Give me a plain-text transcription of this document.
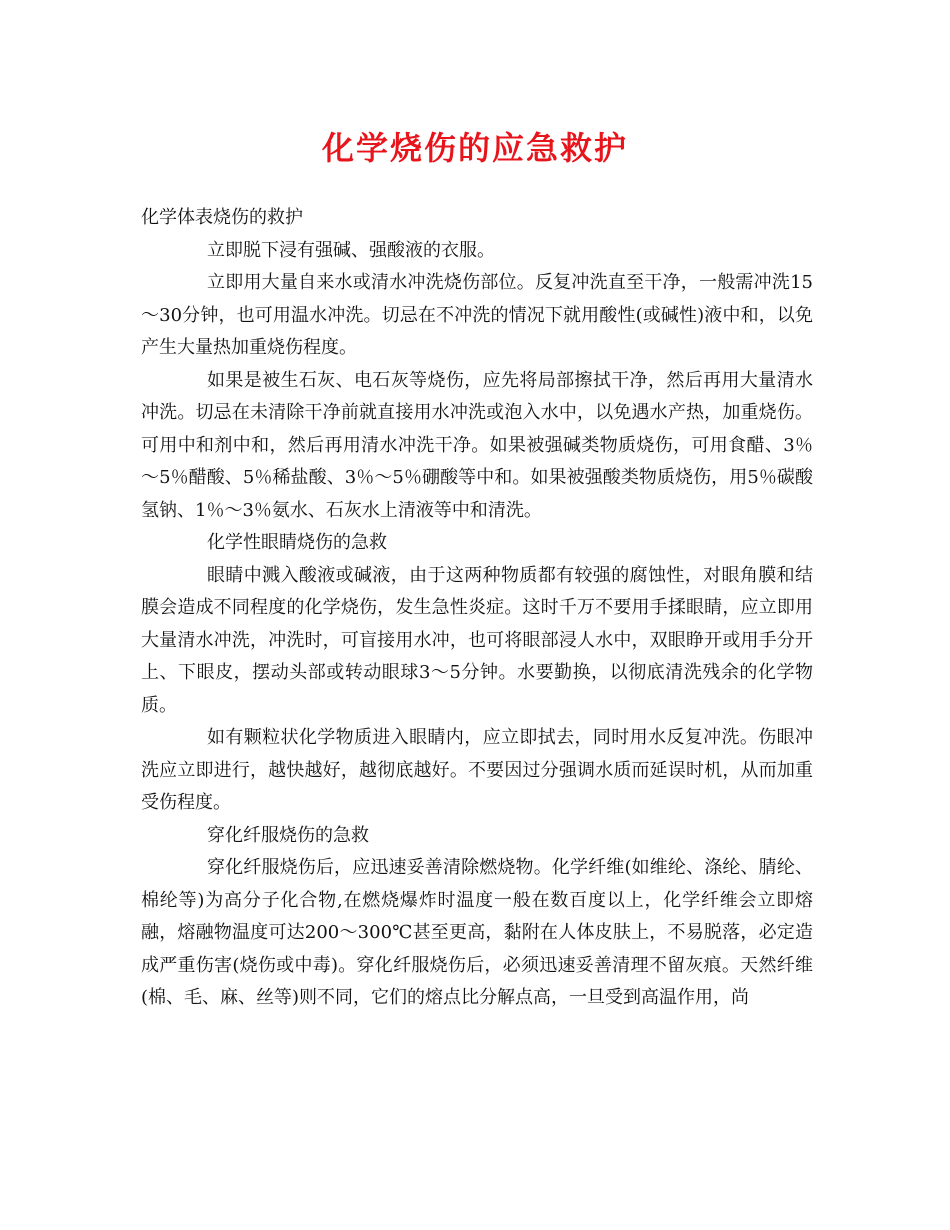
化学烧伤的应急救护

化学体表烧伤的救护

立即脱下浸有强碱、强酸液的衣服。

立即用大量自来水或清水冲洗烧伤部位。反复冲洗直至干净，一般需冲洗15～30分钟，也可用温水冲洗。切忌在不冲洗的情况下就用酸性(或碱性)液中和，以免产生大量热加重烧伤程度。

如果是被生石灰、电石灰等烧伤，应先将局部擦拭干净，然后再用大量清水冲洗。切忌在未清除干净前就直接用水冲洗或泡入水中，以免遇水产热，加重烧伤。可用中和剂中和，然后再用清水冲洗干净。如果被强碱类物质烧伤，可用食醋、3％～5％醋酸、5％稀盐酸、3％～5％硼酸等中和。如果被强酸类物质烧伤，用5％碳酸氢钠、1％～3％氨水、石灰水上清液等中和清洗。

化学性眼睛烧伤的急救

眼睛中溅入酸液或碱液，由于这两种物质都有较强的腐蚀性，对眼角膜和结膜会造成不同程度的化学烧伤，发生急性炎症。这时千万不要用手揉眼睛，应立即用大量清水冲洗，冲洗时，可盲接用水冲，也可将眼部浸人水中，双眼睁开或用手分开上、下眼皮，摆动头部或转动眼球3～5分钟。水要勤换，以彻底清洗残余的化学物质。

如有颗粒状化学物质进入眼睛内，应立即拭去，同时用水反复冲洗。伤眼冲洗应立即进行，越快越好，越彻底越好。不要因过分强调水质而延误时机，从而加重受伤程度。

穿化纤服烧伤的急救

穿化纤服烧伤后，应迅速妥善清除燃烧物。化学纤维(如维纶、涤纶、腈纶、棉纶等)为高分子化合物,在燃烧爆炸时温度一般在数百度以上，化学纤维会立即熔融，熔融物温度可达200～300℃甚至更高，黏附在人体皮肤上，不易脱落，必定造成严重伤害(烧伤或中毒)。穿化纤服烧伤后，必须迅速妥善清理不留灰痕。天然纤维(棉、毛、麻、丝等)则不同，它们的熔点比分解点高，一旦受到高温作用，尚
